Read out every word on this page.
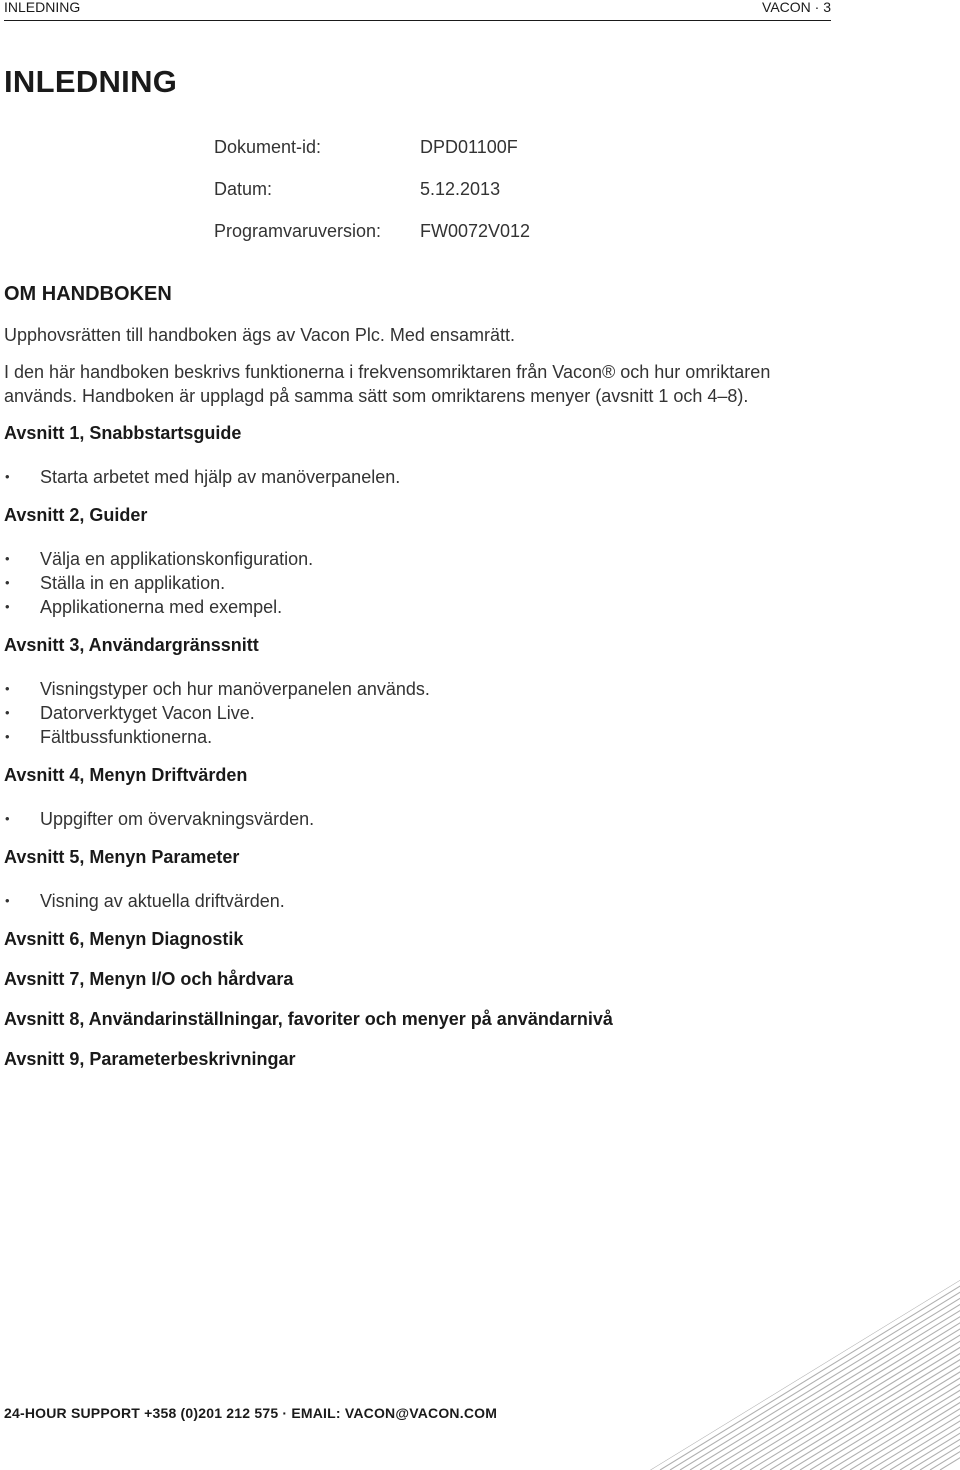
INLEDNING	VACON · 3
INLEDNING
Dokument-id:	DPD01100F
Datum:	5.12.2013
Programvaruversion: FW0072V012
OM HANDBOKEN

Upphovsrätten till handboken ägs av Vacon Plc. Med ensamrätt.

I den här handboken beskrivs funktionerna i frekvensomriktaren från Vacon® och hur omriktaren används. Handboken är upplagd på samma sätt som omriktarens menyer (avsnitt 1 och 4–8).

Avsnitt 1, Snabbstartsguide
• Starta arbetet med hjälp av manöverpanelen.
Avsnitt 2, Guider
• Välja en applikationskonfiguration.
• Ställa in en applikation.
• Applikationerna med exempel.
Avsnitt 3, Användargränssnitt
• Visningstyper och hur manöverpanelen används.
• Datorverktyget Vacon Live.
• Fältbussfunktionerna.
Avsnitt 4, Menyn Driftvärden
• Uppgifter om övervakningsvärden.
Avsnitt 5, Menyn Parameter
• Visning av aktuella driftvärden.
Avsnitt 6, Menyn Diagnostik
Avsnitt 7, Menyn I/O och hårdvara
Avsnitt 8, Användarinställningar, favoriter och menyer på användarnivå
Avsnitt 9, Parameterbeskrivningar
24-HOUR SUPPORT +358 (0)201 212 575 · EMAIL: VACON@VACON.COM
